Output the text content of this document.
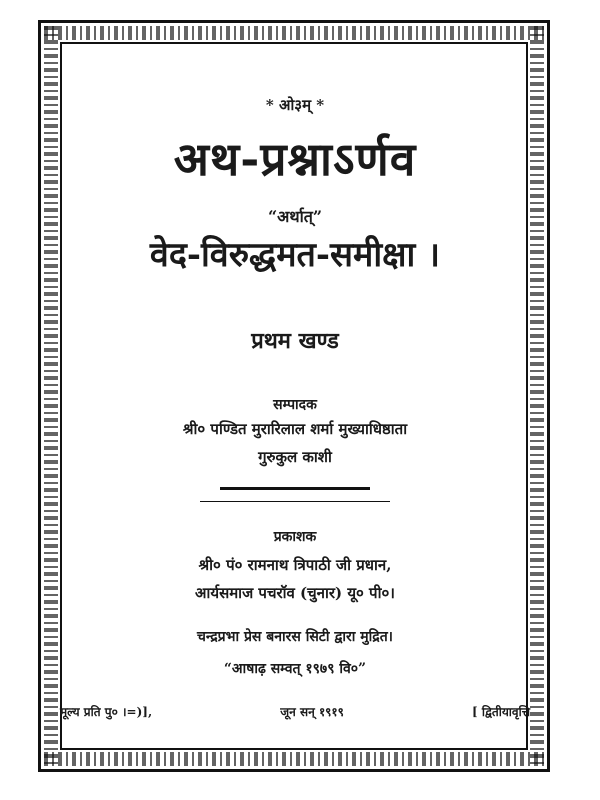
* ओ३म् *
अथ-प्रश्नाऽर्णव
“अर्थात्”
वेद-विरुद्धमत-समीक्षा ।
प्रथम खण्ड
सम्पादक
श्री० पण्डित मुरारिलाल शर्मा मुख्याधिष्ठाता
गुरुकुल काशी
प्रकाशक
श्री० पं० रामनाथ त्रिपाठी जी प्रधान,
आर्यसमाज पचरॉव (चुनार) यू० पी०।
चन्द्रप्रभा प्रेस बनारस सिटी द्वारा मुद्रित।
“आषाढ़ सम्वत् १९७९ वि०”
मूल्य प्रति पु० ।=)],	जून सन् १९१९	[ द्वितीयावृत्ति
